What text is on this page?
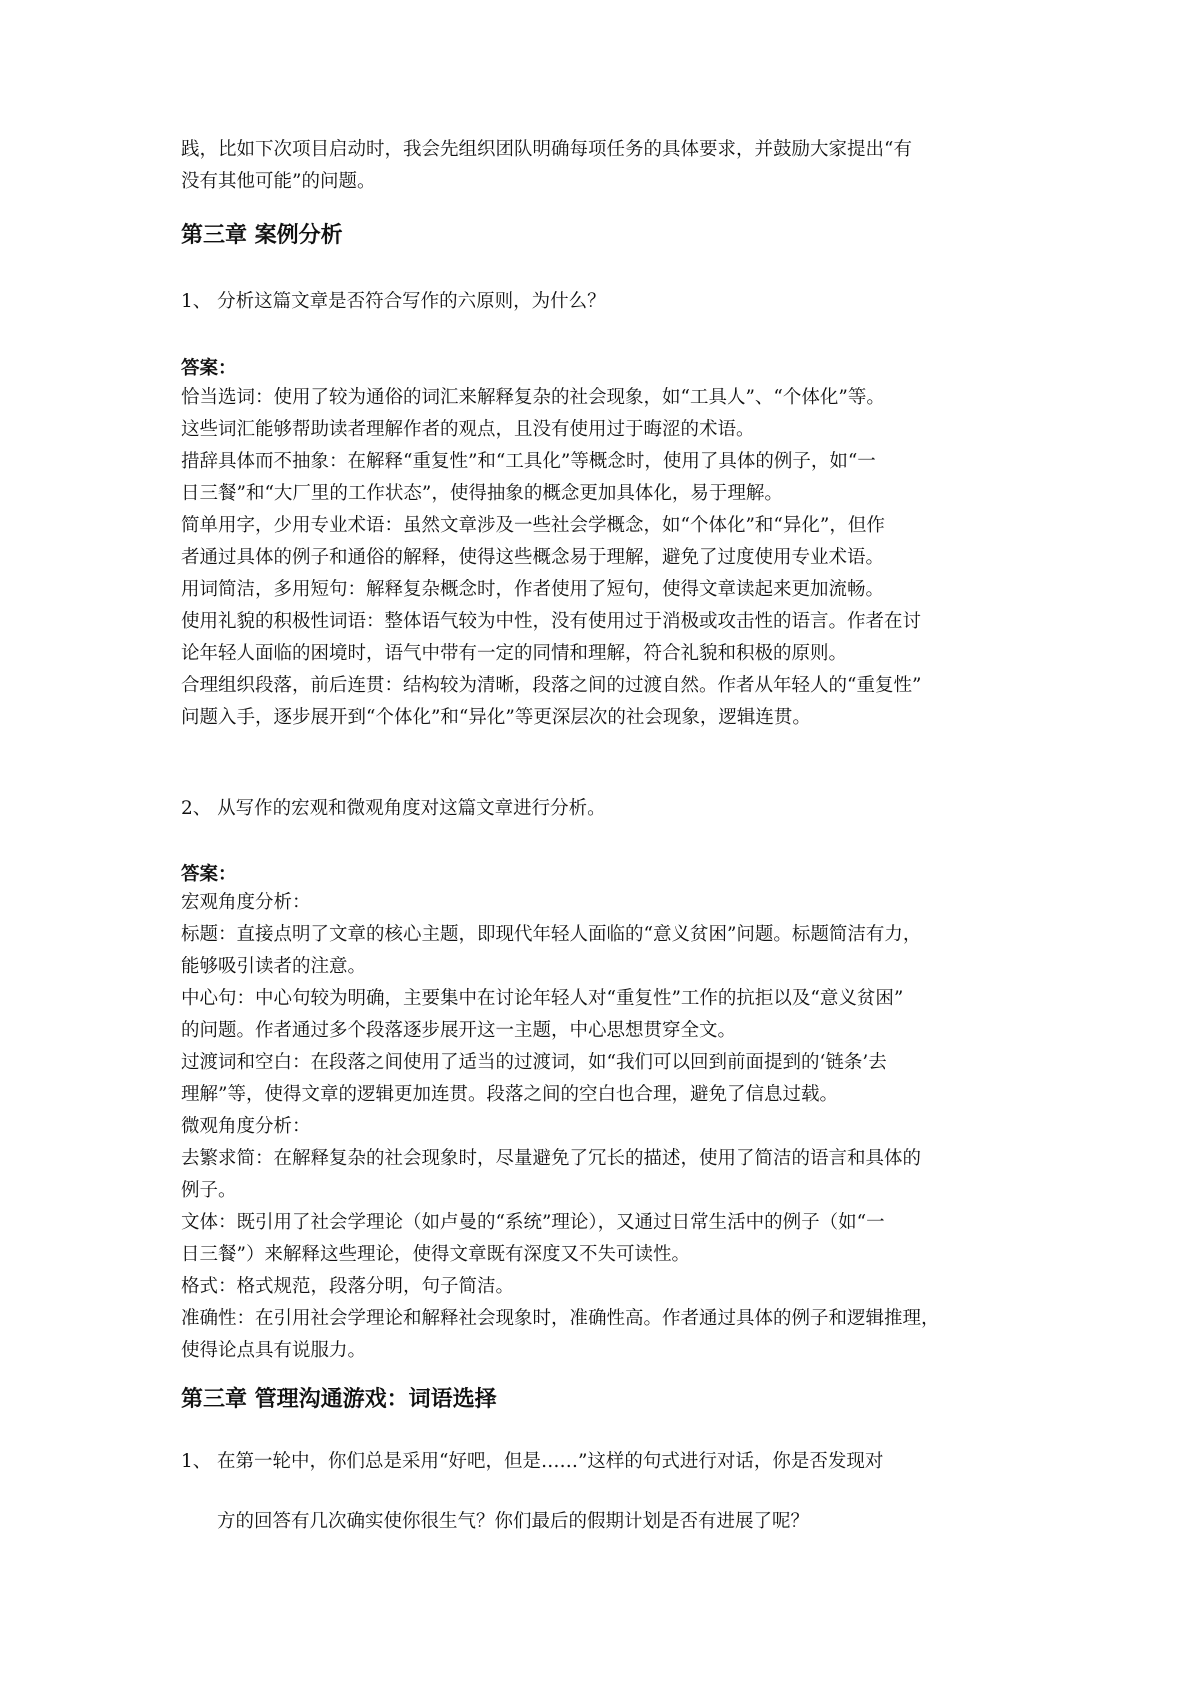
践，比如下次项目启动时，我会先组织团队明确每项任务的具体要求，并鼓励大家提出“有

没有其他可能”的问题。

第三章 案例分析
1、 分析这篇文章是否符合写作的六原则，为什么？
答案：

恰当选词：使用了较为通俗的词汇来解释复杂的社会现象，如“工具人”、“个体化”等。

这些词汇能够帮助读者理解作者的观点，且没有使用过于晦涩的术语。

措辞具体而不抽象：在解释“重复性”和“工具化”等概念时，使用了具体的例子，如“一

日三餐”和“大厂里的工作状态”，使得抽象的概念更加具体化，易于理解。

简单用字，少用专业术语：虽然文章涉及一些社会学概念，如“个体化”和“异化”，但作

者通过具体的例子和通俗的解释，使得这些概念易于理解，避免了过度使用专业术语。

用词简洁，多用短句：解释复杂概念时，作者使用了短句，使得文章读起来更加流畅。

使用礼貌的积极性词语：整体语气较为中性，没有使用过于消极或攻击性的语言。作者在讨

论年轻人面临的困境时，语气中带有一定的同情和理解，符合礼貌和积极的原则。

合理组织段落，前后连贯：结构较为清晰，段落之间的过渡自然。作者从年轻人的“重复性”

问题入手，逐步展开到“个体化”和“异化”等更深层次的社会现象，逻辑连贯。

2、 从写作的宏观和微观角度对这篇文章进行分析。
答案：

宏观角度分析：

标题：直接点明了文章的核心主题，即现代年轻人面临的“意义贫困”问题。标题简洁有力，

能够吸引读者的注意。

中心句：中心句较为明确，主要集中在讨论年轻人对“重复性”工作的抗拒以及“意义贫困”

的问题。作者通过多个段落逐步展开这一主题，中心思想贯穿全文。

过渡词和空白：在段落之间使用了适当的过渡词，如“我们可以回到前面提到的‘链条’去

理解”等，使得文章的逻辑更加连贯。段落之间的空白也合理，避免了信息过载。

微观角度分析：

去繁求简：在解释复杂的社会现象时，尽量避免了冗长的描述，使用了简洁的语言和具体的

例子。

文体：既引用了社会学理论（如卢曼的“系统”理论），又通过日常生活中的例子（如“一

日三餐”）来解释这些理论，使得文章既有深度又不失可读性。

格式：格式规范，段落分明，句子简洁。

准确性：在引用社会学理论和解释社会现象时，准确性高。作者通过具体的例子和逻辑推理，

使得论点具有说服力。

第三章 管理沟通游戏：词语选择
1、 在第一轮中，你们总是采用“好吧，但是……”这样的句式进行对话，你是否发现对
方的回答有几次确实使你很生气？你们最后的假期计划是否有进展了呢？
